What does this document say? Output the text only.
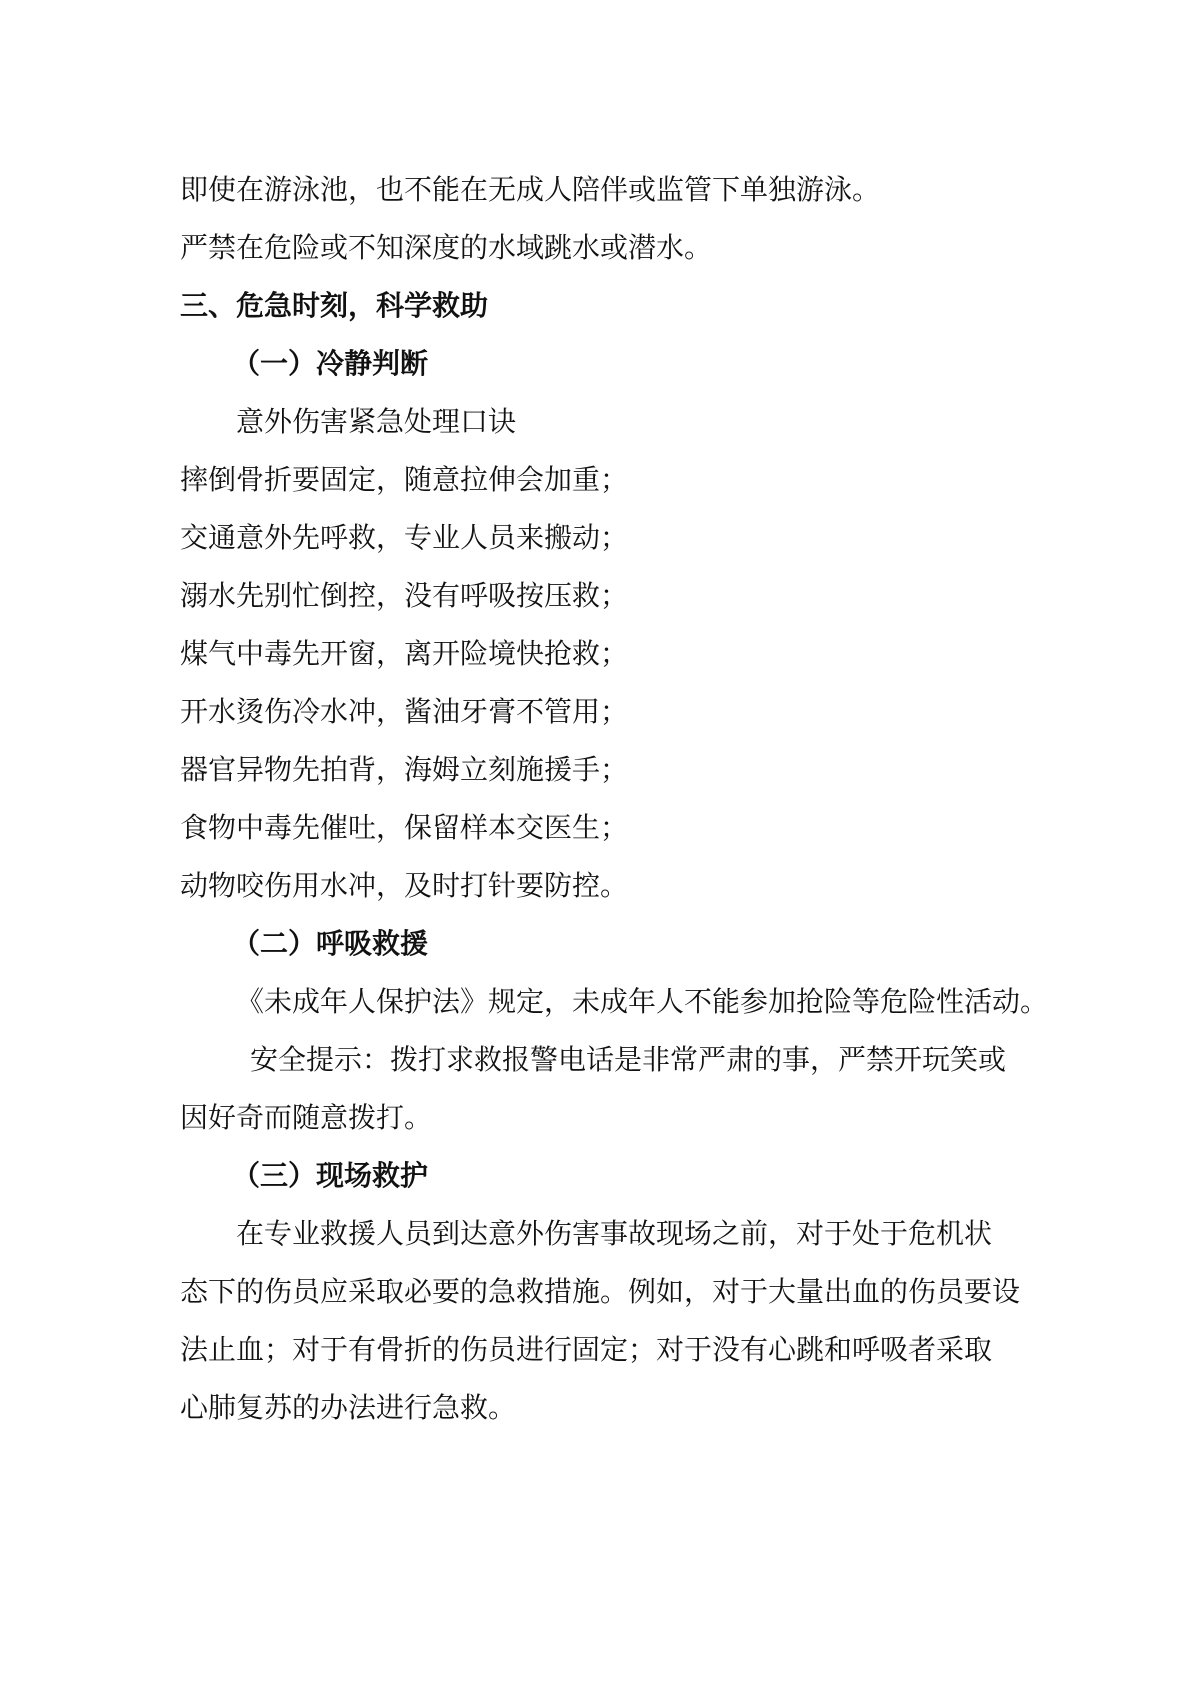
即使在游泳池，也不能在无成人陪伴或监管下单独游泳。
严禁在危险或不知深度的水域跳水或潜水。
三、危急时刻，科学救助
（一）冷静判断
意外伤害紧急处理口诀
摔倒骨折要固定，随意拉伸会加重；
交通意外先呼救，专业人员来搬动；
溺水先别忙倒控，没有呼吸按压救；
煤气中毒先开窗，离开险境快抢救；
开水烫伤冷水冲，酱油牙膏不管用；
器官异物先拍背，海姆立刻施援手；
食物中毒先催吐，保留样本交医生；
动物咬伤用水冲，及时打针要防控。
（二）呼吸救援
《未成年人保护法》规定，未成年人不能参加抢险等危险性活动。
安全提示：拨打求救报警电话是非常严肃的事，严禁开玩笑或
因好奇而随意拨打。
（三）现场救护
在专业救援人员到达意外伤害事故现场之前，对于处于危机状
态下的伤员应采取必要的急救措施。例如，对于大量出血的伤员要设
法止血；对于有骨折的伤员进行固定；对于没有心跳和呼吸者采取
心肺复苏的办法进行急救。
